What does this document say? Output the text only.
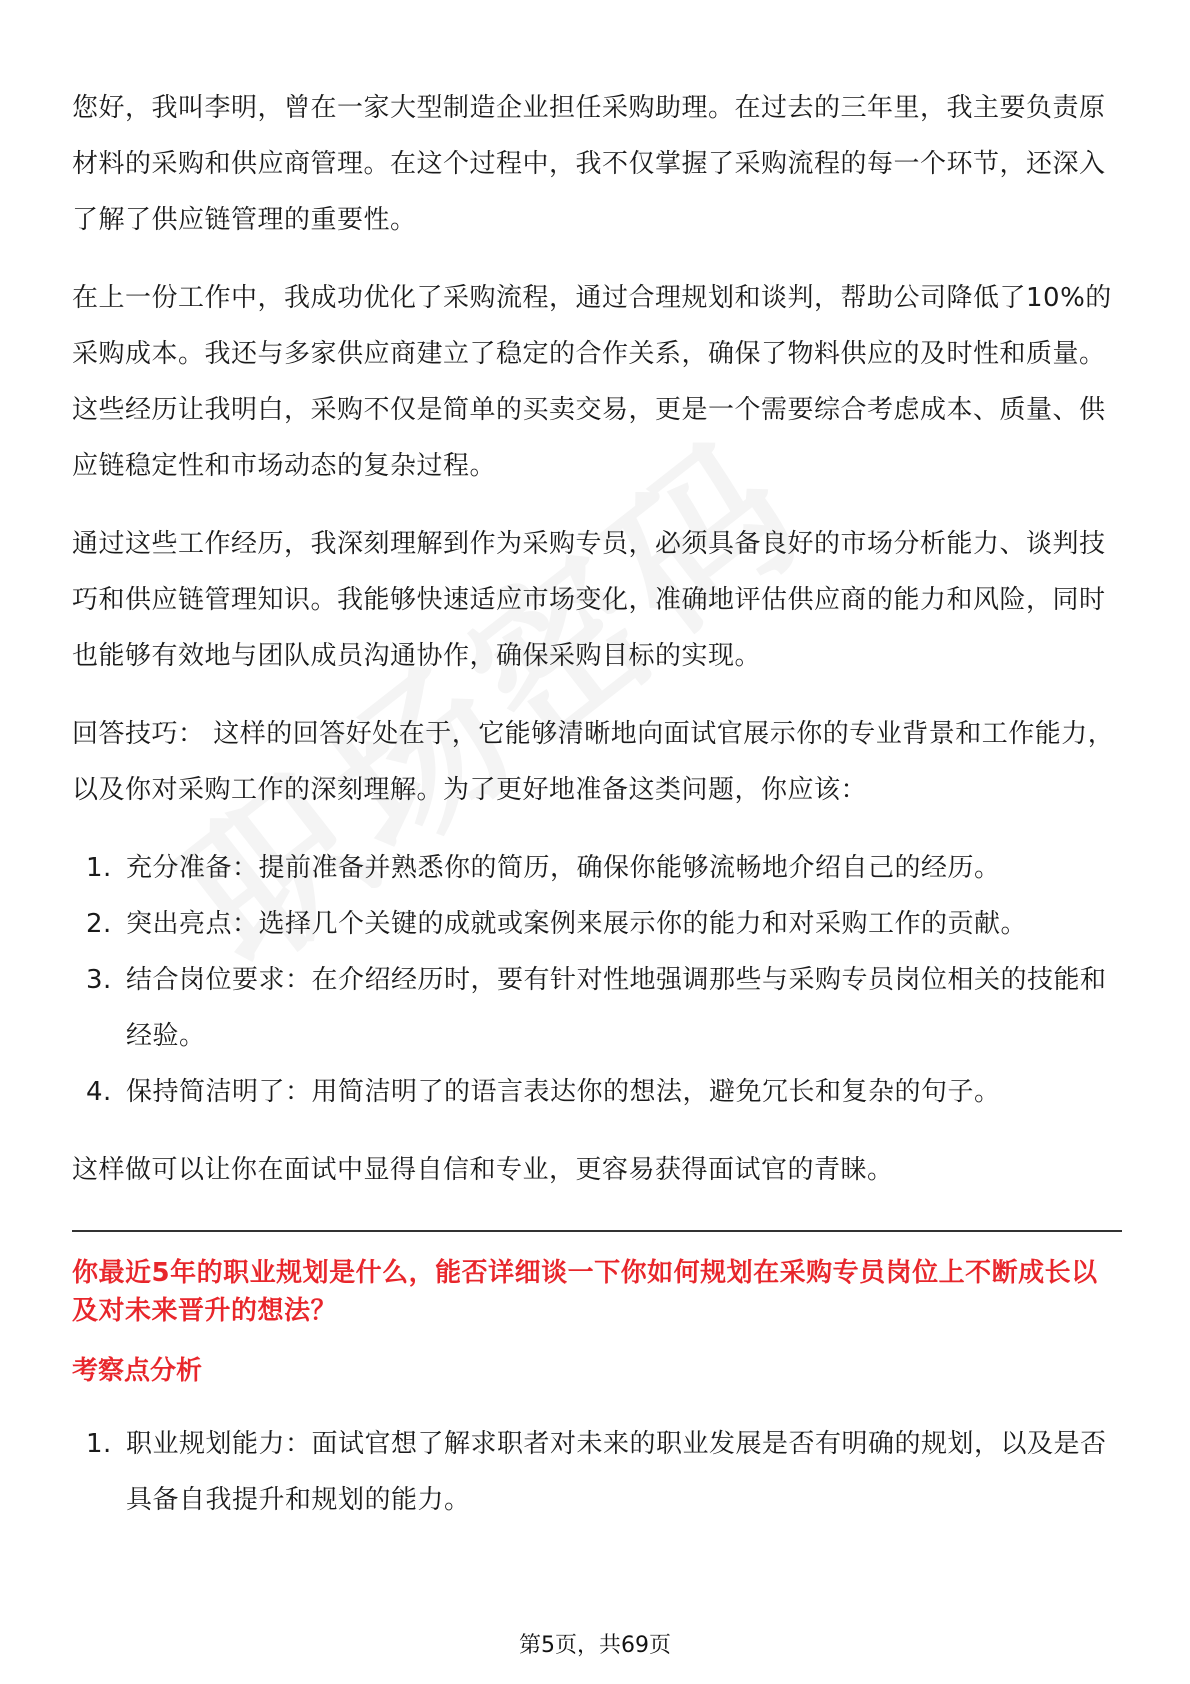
您好，我叫李明，曾在一家大型制造企业担任采购助理。在过去的三年里，我主要负责原材料的采购和供应商管理。在这个过程中，我不仅掌握了采购流程的每一个环节，还深入了解了供应链管理的重要性。

在上一份工作中，我成功优化了采购流程，通过合理规划和谈判，帮助公司降低了10%的采购成本。我还与多家供应商建立了稳定的合作关系，确保了物料供应的及时性和质量。这些经历让我明白，采购不仅是简单的买卖交易，更是一个需要综合考虑成本、质量、供应链稳定性和市场动态的复杂过程。

通过这些工作经历，我深刻理解到作为采购专员，必须具备良好的市场分析能力、谈判技巧和供应链管理知识。我能够快速适应市场变化，准确地评估供应商的能力和风险，同时也能够有效地与团队成员沟通协作，确保采购目标的实现。

回答技巧： 这样的回答好处在于，它能够清晰地向面试官展示你的专业背景和工作能力，以及你对采购工作的深刻理解。为了更好地准备这类问题，你应该：

1. 充分准备：提前准备并熟悉你的简历，确保你能够流畅地介绍自己的经历。
2. 突出亮点：选择几个关键的成就或案例来展示你的能力和对采购工作的贡献。
3. 结合岗位要求：在介绍经历时，要有针对性地强调那些与采购专员岗位相关的技能和经验。
4. 保持简洁明了：用简洁明了的语言表达你的想法，避免冗长和复杂的句子。

这样做可以让你在面试中显得自信和专业，更容易获得面试官的青睐。

你最近5年的职业规划是什么，能否详细谈一下你如何规划在采购专员岗位上不断成长以及对未来晋升的想法？
考察点分析
1. 职业规划能力：面试官想了解求职者对未来的职业发展是否有明确的规划，以及是否具备自我提升和规划的能力。
第5页，共69页
